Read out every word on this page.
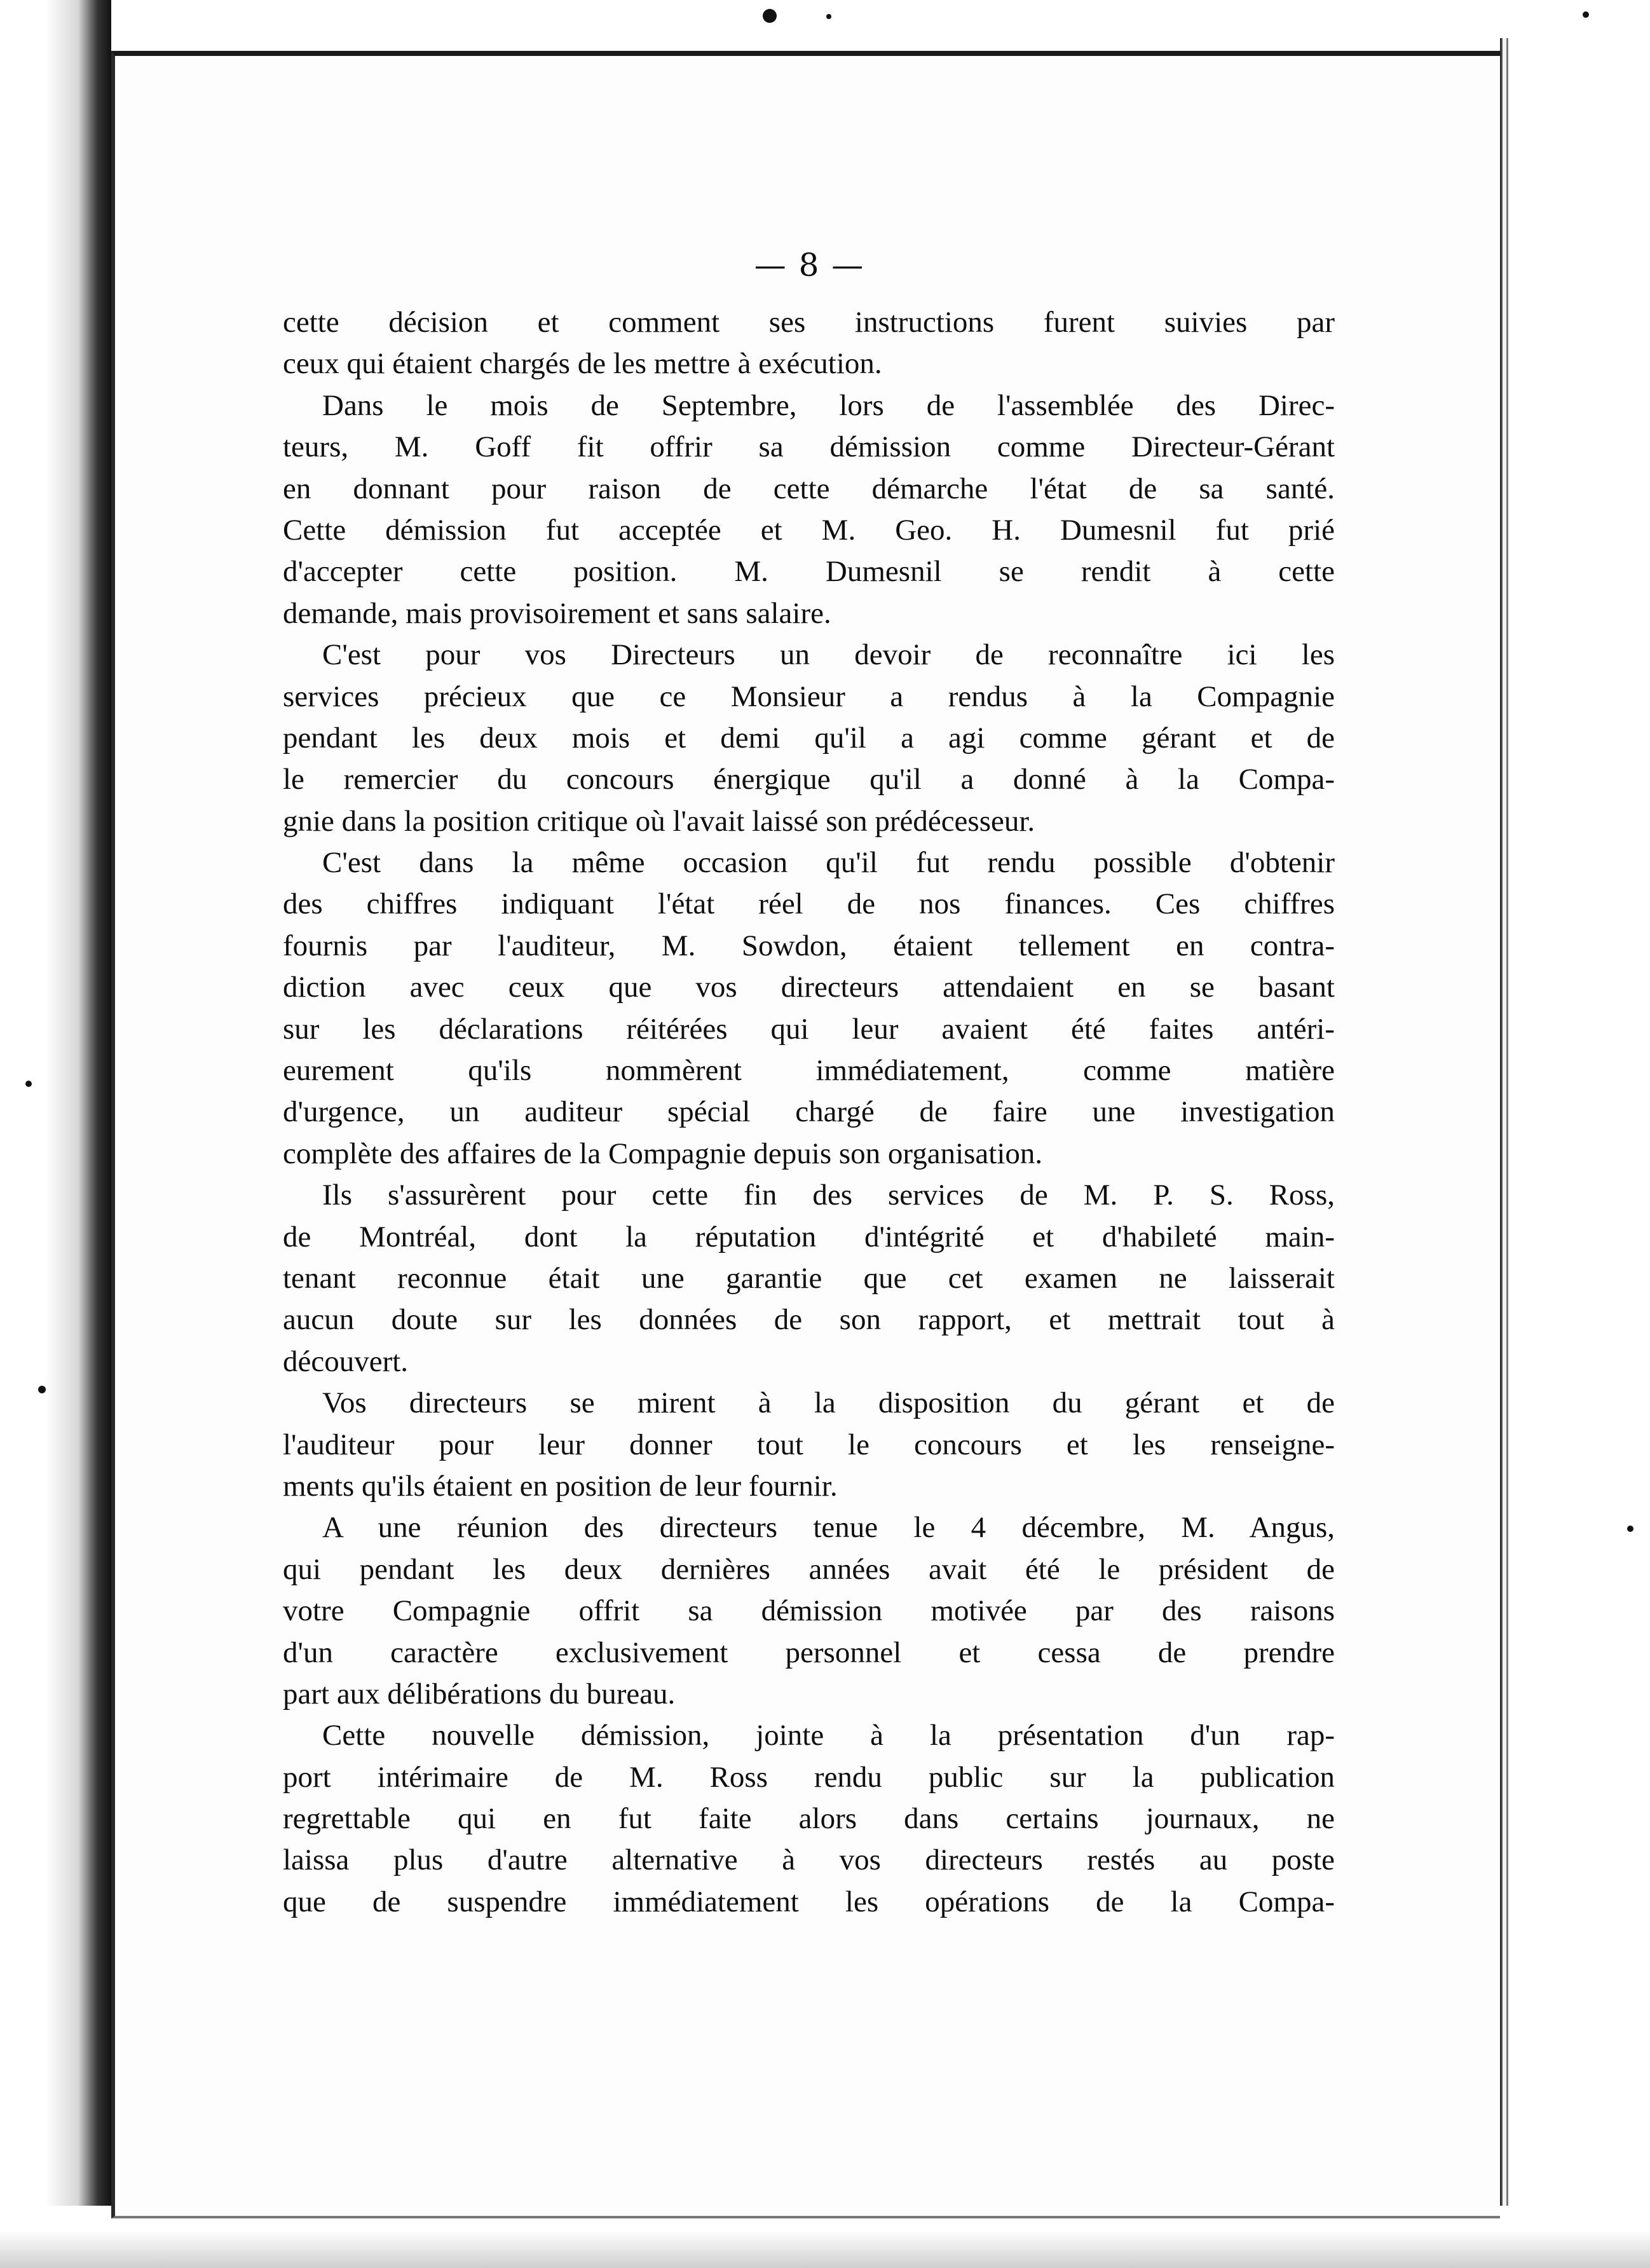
— 8 —
cette décision et comment ses instructions furent suivies par
ceux qui étaient chargés de les mettre à exécution.
Dans le mois de Septembre, lors de l'assemblée des Direc-
teurs, M. Goff fit offrir sa démission comme Directeur-Gérant
en donnant pour raison de cette démarche l'état de sa santé.
Cette démission fut acceptée et M. Geo. H. Dumesnil fut prié
d'accepter cette position. M. Dumesnil se rendit à cette
demande, mais provisoirement et sans salaire.
C'est pour vos Directeurs un devoir de reconnaître ici les
services précieux que ce Monsieur a rendus à la Compagnie
pendant les deux mois et demi qu'il a agi comme gérant et de
le remercier du concours énergique qu'il a donné à la Compa-
gnie dans la position critique où l'avait laissé son prédécesseur.
C'est dans la même occasion qu'il fut rendu possible d'obtenir
des chiffres indiquant l'état réel de nos finances. Ces chiffres
fournis par l'auditeur, M. Sowdon, étaient tellement en contra-
diction avec ceux que vos directeurs attendaient en se basant
sur les déclarations réitérées qui leur avaient été faites antéri-
eurement qu'ils nommèrent immédiatement, comme matière
d'urgence, un auditeur spécial chargé de faire une investigation
complète des affaires de la Compagnie depuis son organisation.
Ils s'assurèrent pour cette fin des services de M. P. S. Ross,
de Montréal, dont la réputation d'intégrité et d'habileté main-
tenant reconnue était une garantie que cet examen ne laisserait
aucun doute sur les données de son rapport, et mettrait tout à
découvert.
Vos directeurs se mirent à la disposition du gérant et de
l'auditeur pour leur donner tout le concours et les renseigne-
ments qu'ils étaient en position de leur fournir.
A une réunion des directeurs tenue le 4 décembre, M. Angus,
qui pendant les deux dernières années avait été le président de
votre Compagnie offrit sa démission motivée par des raisons
d'un caractère exclusivement personnel et cessa de prendre
part aux délibérations du bureau.
Cette nouvelle démission, jointe à la présentation d'un rap-
port intérimaire de M. Ross rendu public sur la publication
regrettable qui en fut faite alors dans certains journaux, ne
laissa plus d'autre alternative à vos directeurs restés au poste
que de suspendre immédiatement les opérations de la Compa-
